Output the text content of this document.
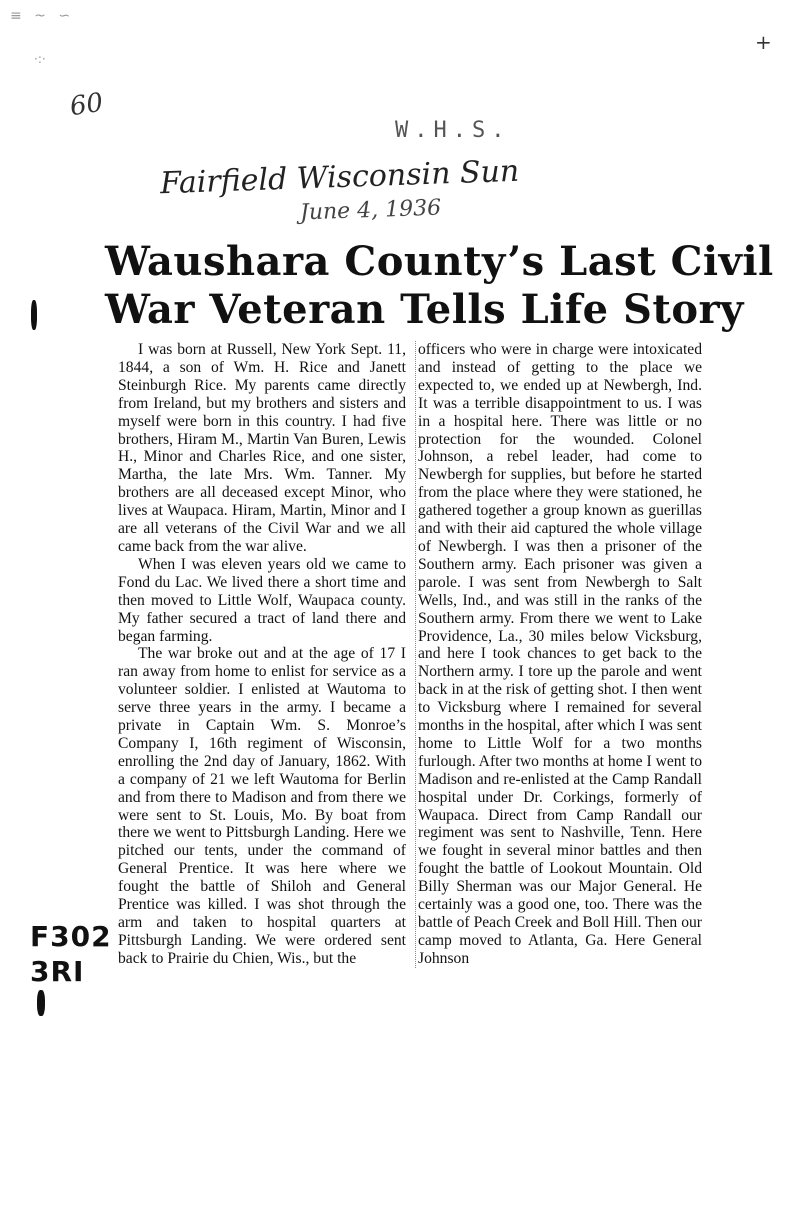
≡ ~ ∽
·:·
60
+
W.H.S.
Fairfield Wisconsin Sun
June 4, 1936
Waushara County’s Last Civil
War Veteran Tells Life Story

I was born at Russell, New York Sept. 11, 1844, a son of Wm. H. Rice and Janett Steinburgh Rice. My parents came directly from Ireland, but my brothers and sisters and myself were born in this country. I had five brothers, Hiram M., Martin Van Buren, Lewis H., Minor and Charles Rice, and one sister, Martha, the late Mrs. Wm. Tanner. My brothers are all deceased except Minor, who lives at Waupaca. Hiram, Martin, Minor and I are all veterans of the Civil War and we all came back from the war alive.

When I was eleven years old we came to Fond du Lac. We lived there a short time and then moved to Little Wolf, Waupaca county. My father secured a tract of land there and began farming.

The war broke out and at the age of 17 I ran away from home to enlist for service as a volunteer soldier. I enlisted at Wautoma to serve three years in the army. I became a private in Captain Wm. S. Monroe’s Company I, 16th regiment of Wisconsin, enrolling the 2nd day of January, 1862. With a company of 21 we left Wautoma for Berlin and from there to Madison and from there we were sent to St. Louis, Mo. By boat from there we went to Pittsburgh Landing. Here we pitched our tents, under the command of General Prentice. It was here where we fought the battle of Shiloh and General Prentice was killed. I was shot through the arm and taken to hospital quarters at Pittsburgh Landing. We were ordered sent back to Prairie du Chien, Wis., but the

officers who were in charge were intoxicated and instead of getting to the place we expected to, we ended up at Newbergh, Ind. It was a terrible disappointment to us. I was in a hospital here. There was little or no protection for the wounded. Colonel Johnson, a rebel leader, had come to Newbergh for supplies, but before he started from the place where they were stationed, he gathered together a group known as guerillas and with their aid captured the whole village of Newbergh. I was then a prisoner of the Southern army. Each prisoner was given a parole. I was sent from Newbergh to Salt Wells, Ind., and was still in the ranks of the Southern army. From there we went to Lake Providence, La., 30 miles below Vicksburg, and here I took chances to get back to the Northern army. I tore up the parole and went back in at the risk of getting shot. I then went to Vicksburg where I remained for several months in the hospital, after which I was sent home to Little Wolf for a two months furlough. After two months at home I went to Madison and re-enlisted at the Camp Randall hospital under Dr. Corkings, formerly of Waupaca. Direct from Camp Randall our regiment was sent to Nashville, Tenn. Here we fought in several minor battles and then fought the battle of Lookout Mountain. Old Billy Sherman was our Major General. He certainly was a good one, too. There was the battle of Peach Creek and Boll Hill. Then our camp moved to Atlanta, Ga. Here General Johnson

F302
3RI
